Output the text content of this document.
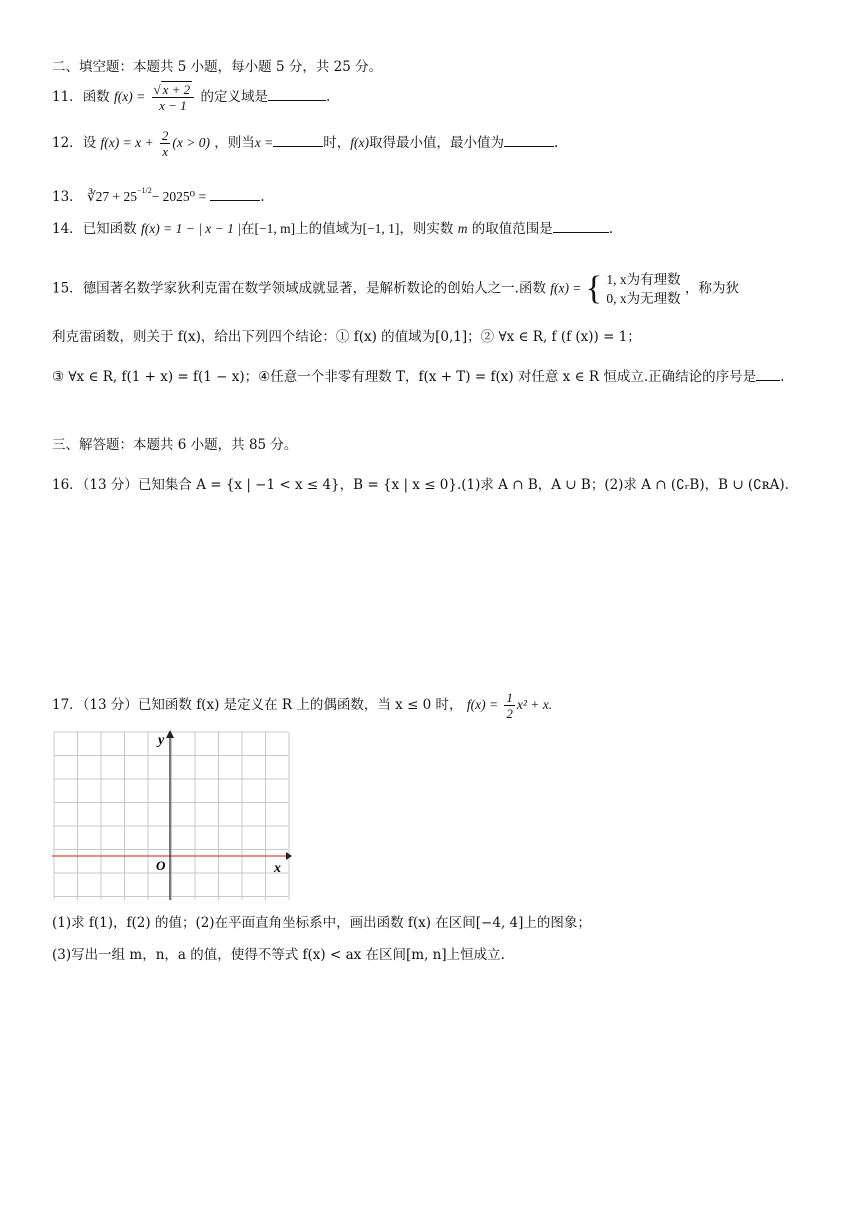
二、填空题：本题共 5 小题，每小题 5 分，共 25 分。
11．函数 $f(x) = \frac{√ x + 2}{x - 1}$ 的定义域是	.
12．设 $f(x) = x + \frac{2}{x} (x > 0)$ ，则当x =	时，f(x)取得最小值，最小值为	.
13． ∛27 + $25^{-1/2}- 2025^0$ =	.
14．已知函数 f(x) = 1 − | x − 1 |在[−1, m]上的值域为[−1, 1]，则实数 m 的取值范围是	.
15．德国著名数学家狄利克雷在数学领域成就显著，是解析数论的创始人之一.函数 f(x) = { 1, x为有理数
0, x为无理数
，称为狄
利克雷函数，则关于 f(x)，给出下列四个结论：① f(x) 的值域为[0,1]；② ∀x ∈ R, f (f (x)) = 1；
③ ∀x ∈ R, f(1 + x) = f(1 − x)；④任意一个非零有理数 T，f(x + T) = f(x) 对任意 x ∈ R 恒成立.正确结论的序号是 .
三、解答题：本题共 6 小题，共 85 分。
16．（13 分）已知集合 A = {x | −1 < x ≤ 4}，B = {x | x ≤ 0}.(1)求 A ∩ B，A ∪ B；(2)求 A ∩ (∁ᵣB)，B ∪ (∁ʀA).
17．（13 分）已知函数 f(x) 是定义在 R 上的偶函数，当 x ≤ 0 时， $f(x) = \frac{1}{2} x^2 + x$.
y
x
O
(1)求 f(1)，f(2) 的值；(2)在平面直角坐标系中，画出函数 f(x) 在区间[−4, 4]上的图象；
(3)写出一组 m，n，a 的值，使得不等式 f(x) < ax 在区间[m, n]上恒成立.
